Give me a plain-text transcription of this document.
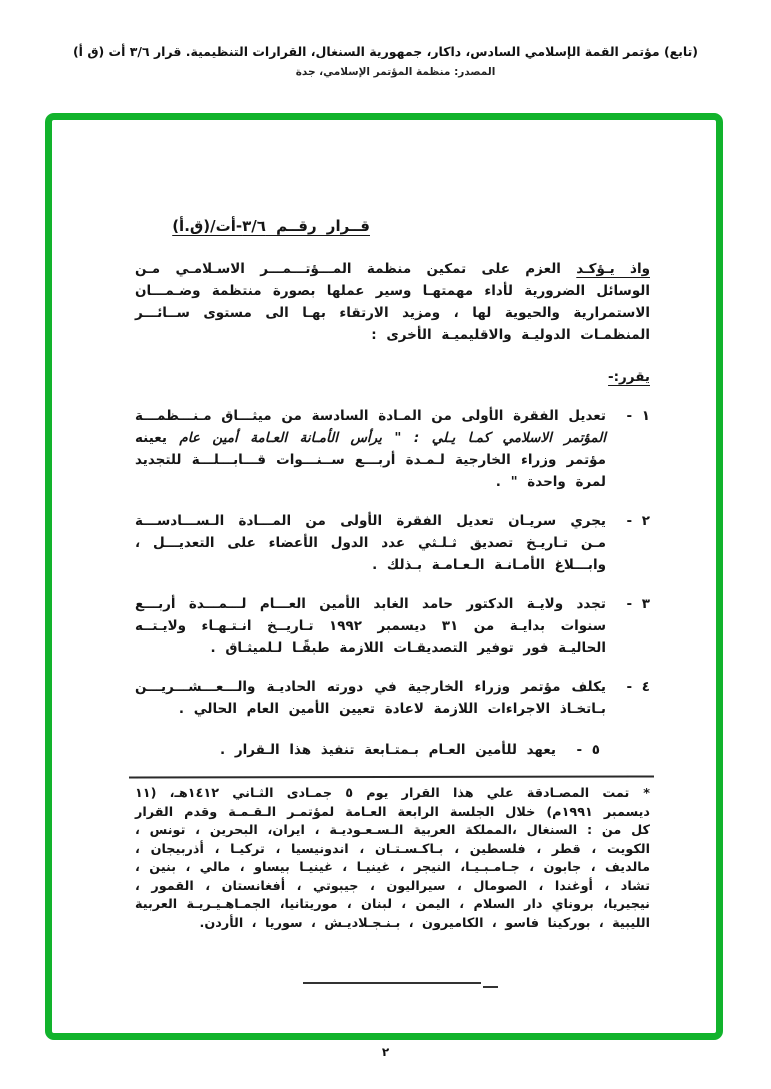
(تابع) مؤتمر القمة الإسلامي السادس، داكار، جمهورية السنغال، القرارات التنظيمية. قرار ٣/٦ أت (ق أ)
المصدر: منظمة المؤتمر الإسلامي، جدة
قــرار رقــم ٣/٦-أت/(ق.أ)
واذ يـؤكـد العزم على تمكين منظمة المـــؤتـــمـــر الاسـلامـي مـن الوسائل الضرورية لأداء مهمتهـا وسير عملها بصورة منتظمة وضـمـــان الاستمرارية والحيوية لها ، ومزيد الارتقاء بهـا الى مستوى ســائـــر المنظمـات الدوليـة والاقليميـة الأخرى :
يقرر:-
١ -
تعديل الفقرة الأولى من المـادة السادسة من ميثـــاق مـنـــظمـــة المؤتمر الاسلامي كمـا يـلي : " يرأس الأمـانة العـامة أمين عام يعينه مؤتمر وزراء الخارجية لـمـدة أربـــع ســنـــوات قـــابـــلـــة للتجديد لمرة واحدة " .
٢ -
يجري سريـان تعديل الفقرة الأولى من المـــادة الـســـادســـة مـن تـاريـخ تصديق ثـلـثي عدد الدول الأعضاء على التعديـــل ، وابـــلاغ الأمـانـة الـعـامـة بـذلك .
٣ -
تجدد ولايـة الدكتور حامد الغابد الأمين العـــام لـــمـــدة أربـــع سنوات بدايـة من ٣١ ديسمبر ١٩٩٢ تـاريــخ انـتـهـاء ولايـتــه الحاليـة فور توفير التصديقـات اللازمة طبقًـا لـلميثـاق .
٤ -
يكلف مؤتمر وزراء الخارجية في دورته الحاديـة والـــعـــشـــريـــن بـاتخـاذ الاجراءات اللازمة لاعادة تعيين الأمين العام الحالي .
٥ -
يعهد للأمين العـام بـمتـابعة تنفيذ هذا الـقرار .
*تمت المصـادقة علي هذا القرار يوم ٥ جمـادى الثـاني ١٤١٢هـ، (١١ ديسمبر ١٩٩١م) خلال الجلسة الرابعة العـامة لمؤتمـر الـقـمـة وقدم القرار كل من : السنغال ،المملكة العربية الـسـعـوديـة ، ايران، البحرين ، تونس ، الكويت ، قطر ، فلسطين ، بـاكـسـتـان ، اندونيسيا ، تركيـا ، أذربيجان ، مالديف ، جابون ، جـامـبـيـا، النيجر ، غينيـا ، غينيـا بيساو ، مالي ، بنين ، تشاد ، أوغندا ، الصومال ، سيراليون ، جيبوتي ، أفغانستان ، القمور ، نيجيريا، بروناي دار السلام ، اليمن ، لبنان ، موريتانيا، الجمـاهـيـريـة العربية الليبية ، بوركينا فاسو ، الكاميرون ، بـنـجـلاديـش ، سوريا ، الأردن.
٢
